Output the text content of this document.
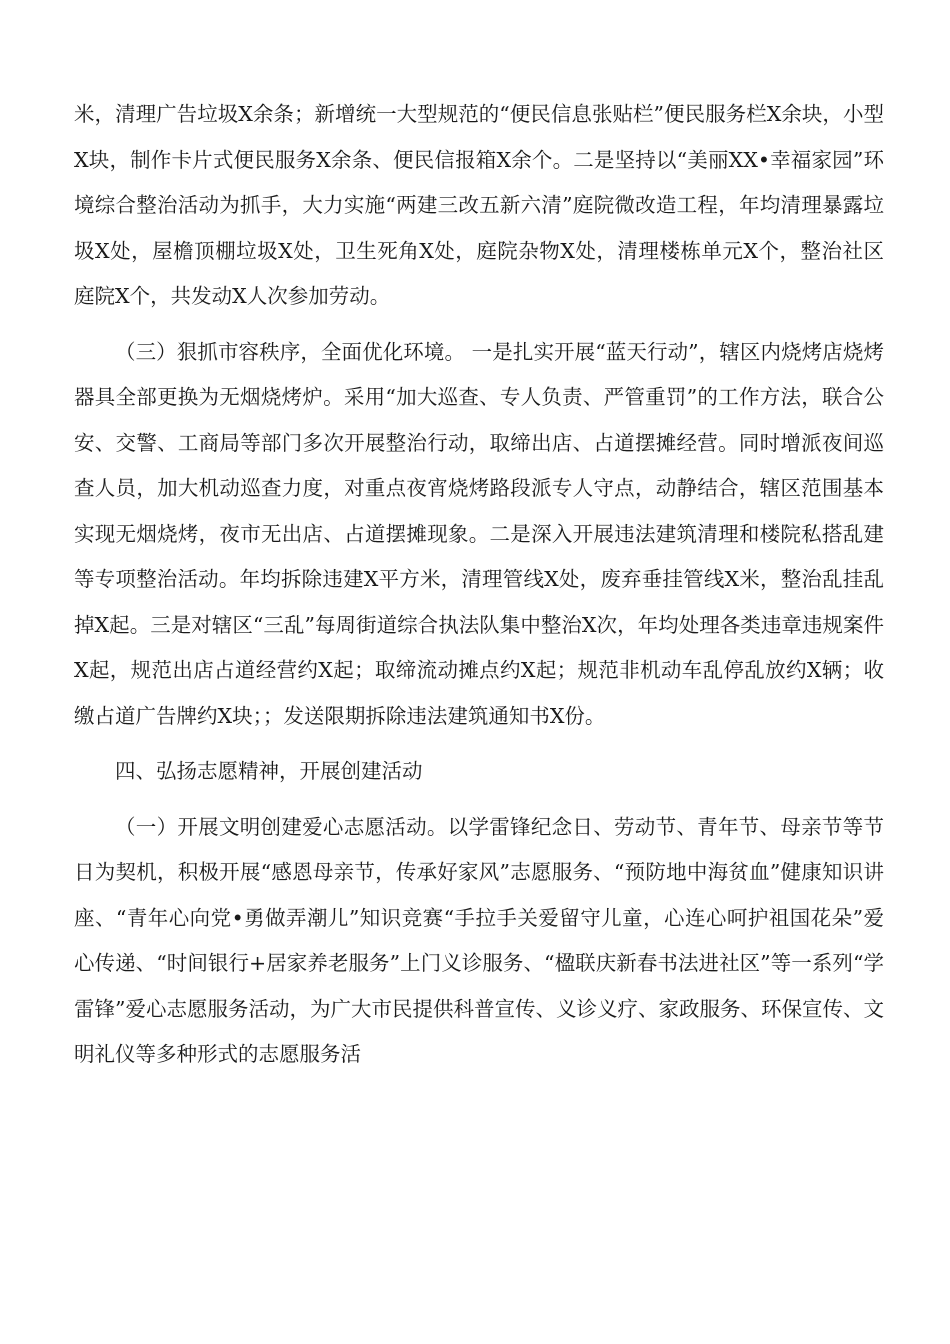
米，清理广告垃圾X余条；新增统一大型规范的“便民信息张贴栏”便民服务栏X余块，小型X块，制作卡片式便民服务X余条、便民信报箱X余个。二是坚持以“美丽XX•幸福家园”环境综合整治活动为抓手，大力实施“两建三改五新六清”庭院微改造工程，年均清理暴露垃圾X处，屋檐顶棚垃圾X处，卫生死角X处，庭院杂物X处，清理楼栋单元X个，整治社区庭院X个，共发动X人次参加劳动。

（三）狠抓市容秩序，全面优化环境。 一是扎实开展“蓝天行动”，辖区内烧烤店烧烤器具全部更换为无烟烧烤炉。采用“加大巡查、专人负责、严管重罚”的工作方法，联合公安、交警、工商局等部门多次开展整治行动，取缔出店、占道摆摊经营。同时增派夜间巡查人员，加大机动巡查力度，对重点夜宵烧烤路段派专人守点，动静结合，辖区范围基本实现无烟烧烤，夜市无出店、占道摆摊现象。二是深入开展违法建筑清理和楼院私搭乱建等专项整治活动。年均拆除违建X平方米，清理管线X处，废弃垂挂管线X米，整治乱挂乱掉X起。三是对辖区“三乱”每周街道综合执法队集中整治X次，年均处理各类违章违规案件X起，规范出店占道经营约X起；取缔流动摊点约X起；规范非机动车乱停乱放约X辆；收缴占道广告牌约X块；；发送限期拆除违法建筑通知书X份。

四、弘扬志愿精神，开展创建活动

（一）开展文明创建爱心志愿活动。以学雷锋纪念日、劳动节、青年节、母亲节等节日为契机，积极开展“感恩母亲节，传承好家风”志愿服务、“预防地中海贫血”健康知识讲座、“青年心向党•勇做弄潮儿”知识竞赛“手拉手关爱留守儿童，心连心呵护祖国花朵”爱心传递、“时间银行+居家养老服务”上门义诊服务、“楹联庆新春书法进社区”等一系列“学雷锋”爱心志愿服务活动，为广大市民提供科普宣传、义诊义疗、家政服务、环保宣传、文明礼仪等多种形式的志愿服务活
